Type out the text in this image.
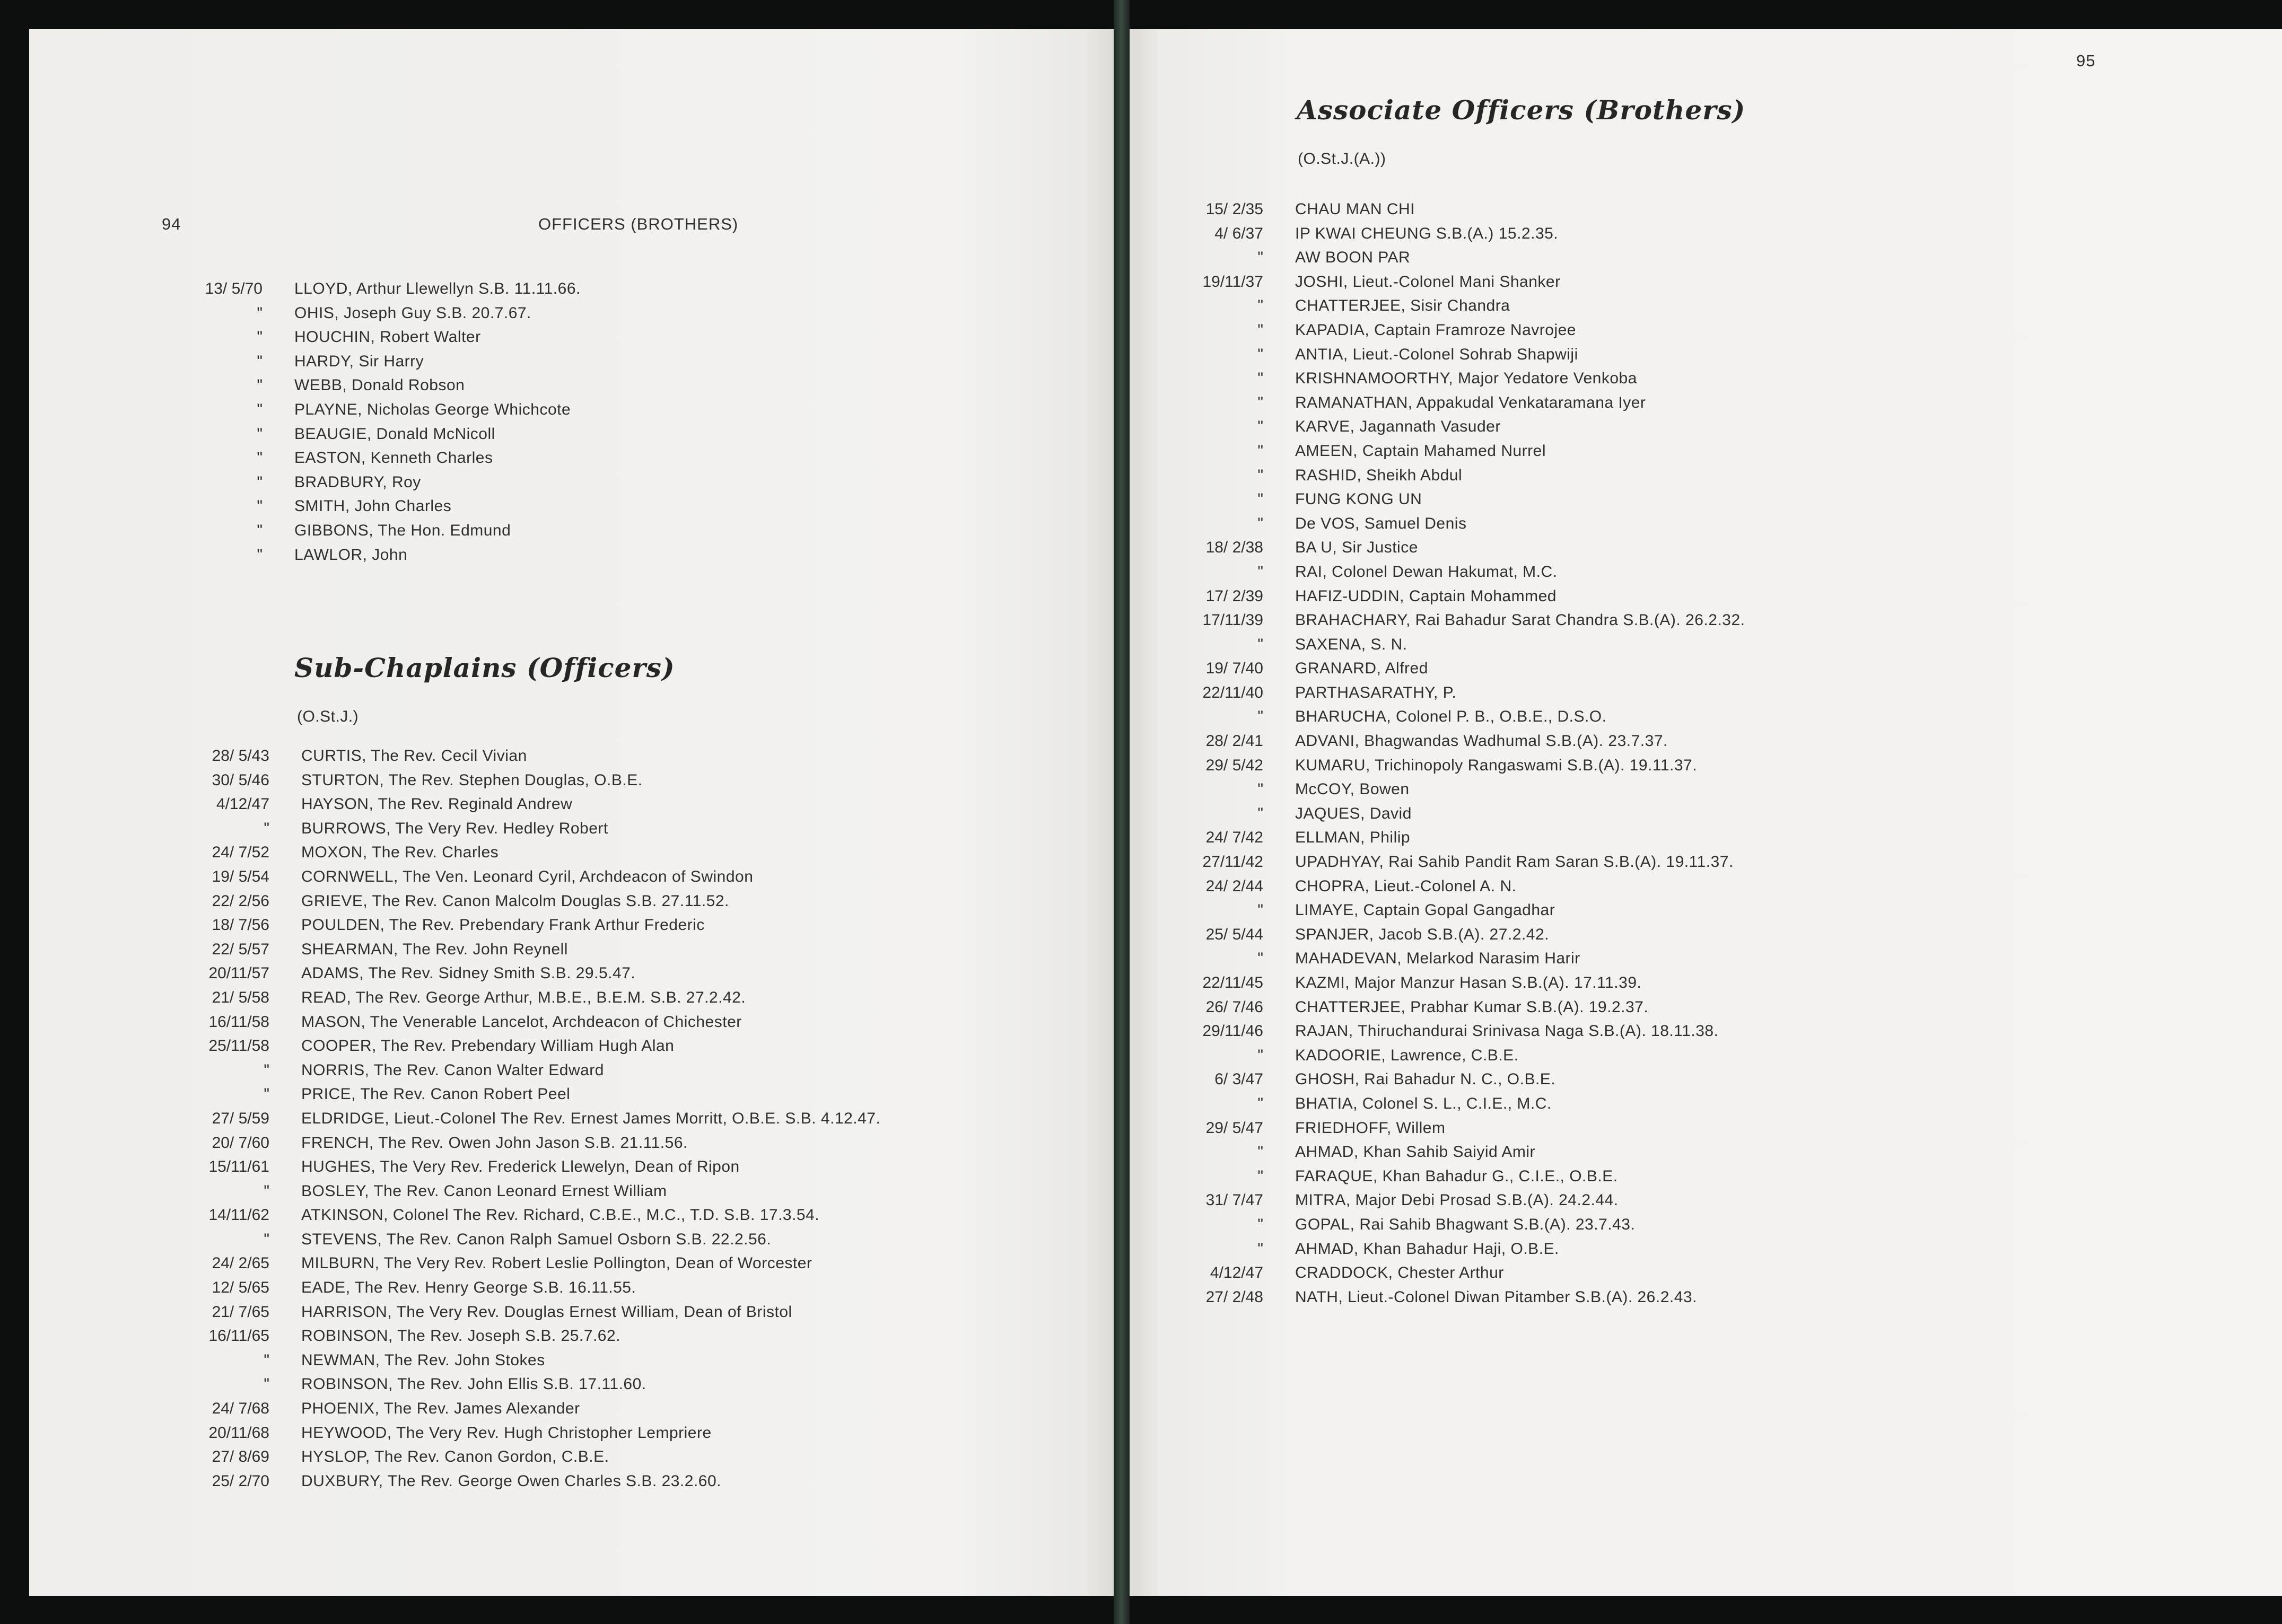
94	OFFICERS (BROTHERS)
13/ 5/70 LLOYD, Arthur Llewellyn S.B. 11.11.66.
" OHIS, Joseph Guy S.B. 20.7.67.
" HOUCHIN, Robert Walter
" HARDY, Sir Harry
" WEBB, Donald Robson
" PLAYNE, Nicholas George Whichcote
" BEAUGIE, Donald McNicoll
" EASTON, Kenneth Charles
" BRADBURY, Roy
" SMITH, John Charles
" GIBBONS, The Hon. Edmund
" LAWLOR, John
Sub-Chaplains (Officers)
(O.St.J.)
28/ 5/43 CURTIS, The Rev. Cecil Vivian
30/ 5/46 STURTON, The Rev. Stephen Douglas, O.B.E.
4/12/47 HAYSON, The Rev. Reginald Andrew
" BURROWS, The Very Rev. Hedley Robert
24/ 7/52 MOXON, The Rev. Charles
19/ 5/54 CORNWELL, The Ven. Leonard Cyril, Archdeacon of Swindon
22/ 2/56 GRIEVE, The Rev. Canon Malcolm Douglas S.B. 27.11.52.
18/ 7/56 POULDEN, The Rev. Prebendary Frank Arthur Frederic
22/ 5/57 SHEARMAN, The Rev. John Reynell
20/11/57 ADAMS, The Rev. Sidney Smith S.B. 29.5.47.
21/ 5/58 READ, The Rev. George Arthur, M.B.E., B.E.M. S.B. 27.2.42.
16/11/58 MASON, The Venerable Lancelot, Archdeacon of Chichester
25/11/58 COOPER, The Rev. Prebendary William Hugh Alan
" NORRIS, The Rev. Canon Walter Edward
" PRICE, The Rev. Canon Robert Peel
27/ 5/59 ELDRIDGE, Lieut.-Colonel The Rev. Ernest James Morritt, O.B.E. S.B. 4.12.47.
20/ 7/60 FRENCH, The Rev. Owen John Jason S.B. 21.11.56.
15/11/61 HUGHES, The Very Rev. Frederick Llewelyn, Dean of Ripon
" BOSLEY, The Rev. Canon Leonard Ernest William
14/11/62 ATKINSON, Colonel The Rev. Richard, C.B.E., M.C., T.D. S.B. 17.3.54.
" STEVENS, The Rev. Canon Ralph Samuel Osborn S.B. 22.2.56.
24/ 2/65 MILBURN, The Very Rev. Robert Leslie Pollington, Dean of Worcester
12/ 5/65 EADE, The Rev. Henry George S.B. 16.11.55.
21/ 7/65 HARRISON, The Very Rev. Douglas Ernest William, Dean of Bristol
16/11/65 ROBINSON, The Rev. Joseph S.B. 25.7.62.
" NEWMAN, The Rev. John Stokes
" ROBINSON, The Rev. John Ellis S.B. 17.11.60.
24/ 7/68 PHOENIX, The Rev. James Alexander
20/11/68 HEYWOOD, The Very Rev. Hugh Christopher Lempriere
27/ 8/69 HYSLOP, The Rev. Canon Gordon, C.B.E.
25/ 2/70 DUXBURY, The Rev. George Owen Charles S.B. 23.2.60.
95
Associate Officers (Brothers)
(O.St.J.(A.))
15/ 2/35 CHAU MAN CHI
4/ 6/37 IP KWAI CHEUNG S.B.(A.) 15.2.35.
" AW BOON PAR
19/11/37 JOSHI, Lieut.-Colonel Mani Shanker
" CHATTERJEE, Sisir Chandra
" KAPADIA, Captain Framroze Navrojee
" ANTIA, Lieut.-Colonel Sohrab Shapwiji
" KRISHNAMOORTHY, Major Yedatore Venkoba
" RAMANATHAN, Appakudal Venkataramana Iyer
" KARVE, Jagannath Vasuder
" AMEEN, Captain Mahamed Nurrel
" RASHID, Sheikh Abdul
" FUNG KONG UN
" De VOS, Samuel Denis
18/ 2/38 BA U, Sir Justice
" RAI, Colonel Dewan Hakumat, M.C.
17/ 2/39 HAFIZ-UDDIN, Captain Mohammed
17/11/39 BRAHACHARY, Rai Bahadur Sarat Chandra S.B.(A). 26.2.32.
" SAXENA, S. N.
19/ 7/40 GRANARD, Alfred
22/11/40 PARTHASARATHY, P.
" BHARUCHA, Colonel P. B., O.B.E., D.S.O.
28/ 2/41 ADVANI, Bhagwandas Wadhumal S.B.(A). 23.7.37.
29/ 5/42 KUMARU, Trichinopoly Rangaswami S.B.(A). 19.11.37.
" McCOY, Bowen
" JAQUES, David
24/ 7/42 ELLMAN, Philip
27/11/42 UPADHYAY, Rai Sahib Pandit Ram Saran S.B.(A). 19.11.37.
24/ 2/44 CHOPRA, Lieut.-Colonel A. N.
" LIMAYE, Captain Gopal Gangadhar
25/ 5/44 SPANJER, Jacob S.B.(A). 27.2.42.
" MAHADEVAN, Melarkod Narasim Harir
22/11/45 KAZMI, Major Manzur Hasan S.B.(A). 17.11.39.
26/ 7/46 CHATTERJEE, Prabhar Kumar S.B.(A). 19.2.37.
29/11/46 RAJAN, Thiruchandurai Srinivasa Naga S.B.(A). 18.11.38.
" KADOORIE, Lawrence, C.B.E.
6/ 3/47 GHOSH, Rai Bahadur N. C., O.B.E.
" BHATIA, Colonel S. L., C.I.E., M.C.
29/ 5/47 FRIEDHOFF, Willem
" AHMAD, Khan Sahib Saiyid Amir
" FARAQUE, Khan Bahadur G., C.I.E., O.B.E.
31/ 7/47 MITRA, Major Debi Prosad S.B.(A). 24.2.44.
" GOPAL, Rai Sahib Bhagwant S.B.(A). 23.7.43.
" AHMAD, Khan Bahadur Haji, O.B.E.
4/12/47 CRADDOCK, Chester Arthur
27/ 2/48 NATH, Lieut.-Colonel Diwan Pitamber S.B.(A). 26.2.43.
